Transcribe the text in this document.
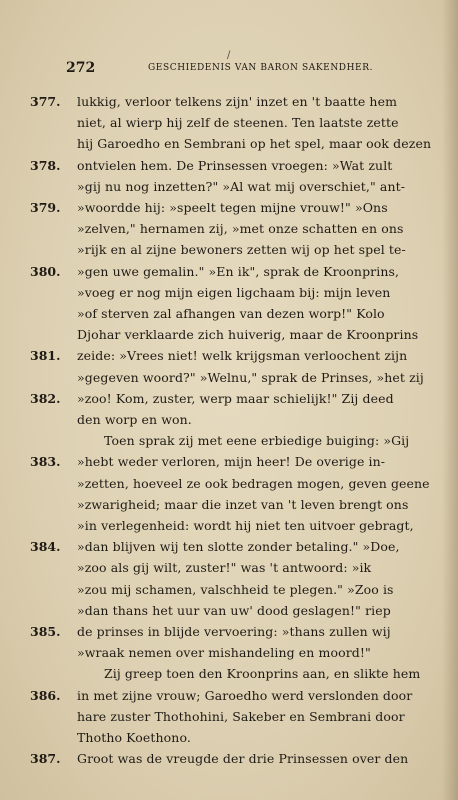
/
272	GESCHIEDENIS VAN BARON SAKENDHER.
377. lukkig, verloor telkens zijn' inzet en 't baatte hem
niet, al wierp hij zelf de steenen. Ten laatste zette
hij Garoedho en Sembrani op het spel, maar ook dezen
378. ontvielen hem. De Prinsessen vroegen: »Wat zult
»gij nu nog inzetten?" »Al wat mij overschiet," ant-
379. »woordde hij: »speelt tegen mijne vrouw!" »Ons
»zelven," hernamen zij, »met onze schatten en ons
»rijk en al zijne bewoners zetten wij op het spel te-
380. »gen uwe gemalin." »En ik", sprak de Kroonprins,
»voeg er nog mijn eigen ligchaam bij: mijn leven
»of sterven zal afhangen van dezen worp!" Kolo
Djohar verklaarde zich huiverig, maar de Kroonprins
381. zeide: »Vrees niet! welk krijgsman verloochent zijn
»gegeven woord?" »Welnu," sprak de Prinses, »het zij
382. »zoo! Kom, zuster, werp maar schielijk!" Zij deed
den worp en won.
Toen sprak zij met eene erbiedige buiging: »Gij
383. »hebt weder verloren, mijn heer! De overige in-
»zetten, hoeveel ze ook bedragen mogen, geven geene
»zwarigheid; maar die inzet van 't leven brengt ons
»in verlegenheid: wordt hij niet ten uitvoer gebragt,
384. »dan blijven wij ten slotte zonder betaling." »Doe,
»zoo als gij wilt, zuster!" was 't antwoord: »ik
»zou mij schamen, valschheid te plegen." »Zoo is
»dan thans het uur van uw' dood geslagen!" riep
385. de prinses in blijde vervoering: »thans zullen wij
»wraak nemen over mishandeling en moord!"
Zij greep toen den Kroonprins aan, en slikte hem
386. in met zijne vrouw; Garoedho werd verslonden door
hare zuster Thothohini, Sakeber en Sembrani door
Thotho Koethono.
387. Groot was de vreugde der drie Prinsessen over den
